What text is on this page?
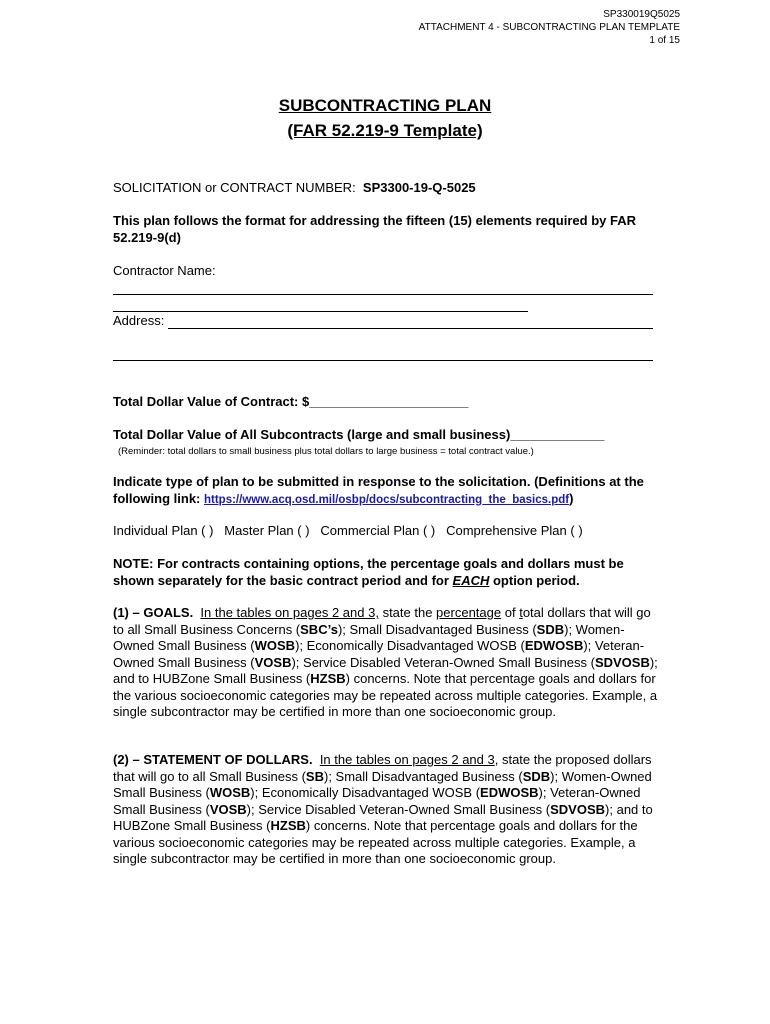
SP330019Q5025
ATTACHMENT 4 - SUBCONTRACTING PLAN TEMPLATE
1 of 15
SUBCONTRACTING PLAN
(FAR 52.219-9 Template)
SOLICITATION or CONTRACT NUMBER: SP3300-19-Q-5025
This plan follows the format for addressing the fifteen (15) elements required by FAR 52.219-9(d)
Contractor Name:
Address:
Total Dollar Value of Contract: $______________________
Total Dollar Value of All Subcontracts (large and small business)_____________
(Reminder: total dollars to small business plus total dollars to large business = total contract value.)
Indicate type of plan to be submitted in response to the solicitation. (Definitions at the following link: https://www.acq.osd.mil/osbp/docs/subcontracting_the_basics.pdf)
Individual Plan ( ) Master Plan ( ) Commercial Plan ( ) Comprehensive Plan ( )
NOTE: For contracts containing options, the percentage goals and dollars must be shown separately for the basic contract period and for EACH option period.
(1) – GOALS. In the tables on pages 2 and 3, state the percentage of total dollars that will go to all Small Business Concerns (SBC’s); Small Disadvantaged Business (SDB); Women-Owned Small Business (WOSB); Economically Disadvantaged WOSB (EDWOSB); Veteran-Owned Small Business (VOSB); Service Disabled Veteran-Owned Small Business (SDVOSB); and to HUBZone Small Business (HZSB) concerns. Note that percentage goals and dollars for the various socioeconomic categories may be repeated across multiple categories. Example, a single subcontractor may be certified in more than one socioeconomic group.
(2) – STATEMENT OF DOLLARS. In the tables on pages 2 and 3, state the proposed dollars that will go to all Small Business (SB); Small Disadvantaged Business (SDB); Women-Owned Small Business (WOSB); Economically Disadvantaged WOSB (EDWOSB); Veteran-Owned Small Business (VOSB); Service Disabled Veteran-Owned Small Business (SDVOSB); and to HUBZone Small Business (HZSB) concerns. Note that percentage goals and dollars for the various socioeconomic categories may be repeated across multiple categories. Example, a single subcontractor may be certified in more than one socioeconomic group.
